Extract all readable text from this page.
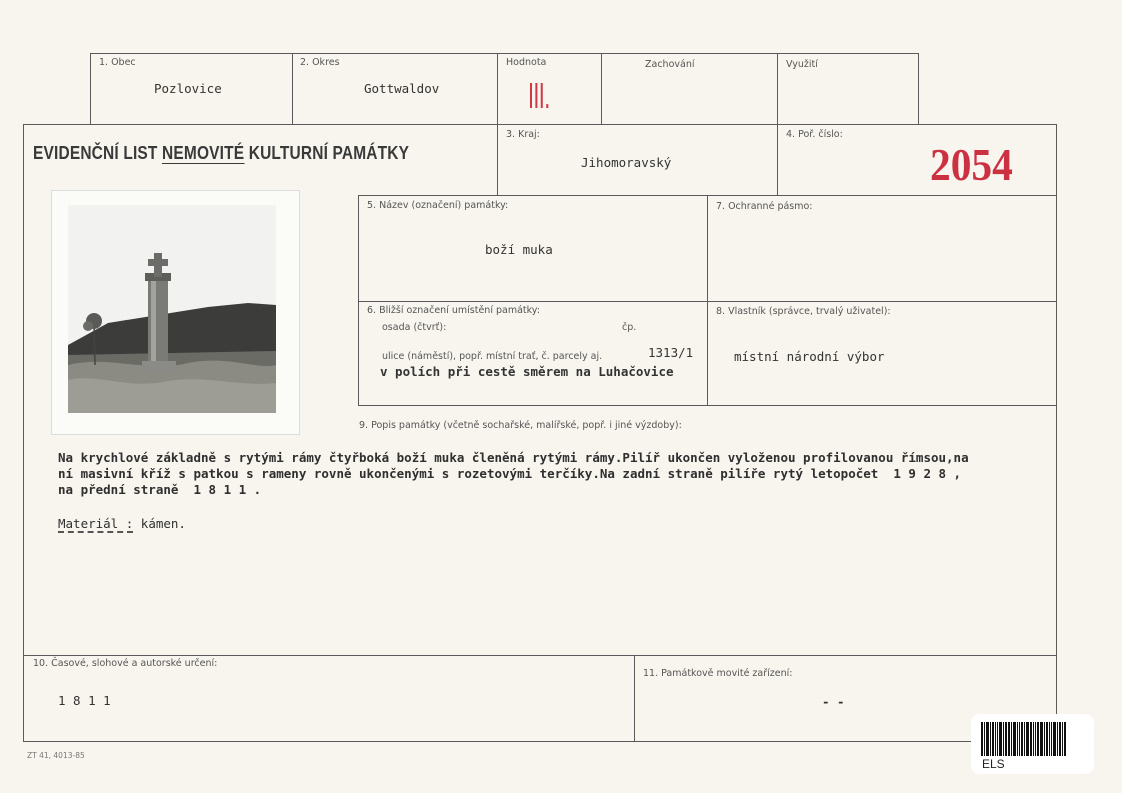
1. Obec
Pozlovice
2. Okres
Gottwaldov
Hodnota
III.
Zachování	Využití
EVIDENČNÍ LIST NEMOVITÉ KULTURNÍ PAMÁTKY
3. Kraj:
Jihomoravský
4. Poř. číslo:
2054
5. Název (označení) památky:
boží muka
7. Ochranné pásmo:
6. Bližší označení umístění památky:
osada (čtvrť):	čp.
ulice (náměstí), popř. místní trať, č. parcely aj.	1313/1
v polích při cestě směrem na Luhačovice
8. Vlastník (správce, trvalý uživatel):
místní národní výbor
9. Popis památky (včetně sochařské, malířské, popř. i jiné výzdoby):
Na krychlové základně s rytými rámy čtyřboká boží muka členěná rytými rámy.Pilíř ukončen vyloženou profilovanou římsou,na
ní masivní kříž s patkou s rameny rovně ukončenými s rozetovými terčíky.Na zadní straně pilíře rytý letopočet  1 9 2 8 ,
na přední straně  1 8 1 1 .
Materiál : kámen.
10. Časové, slohové a autorské určení:
1 8 1 1
11. Památkově movité zařízení:
- -
ZT 41, 4013-85
ELS
